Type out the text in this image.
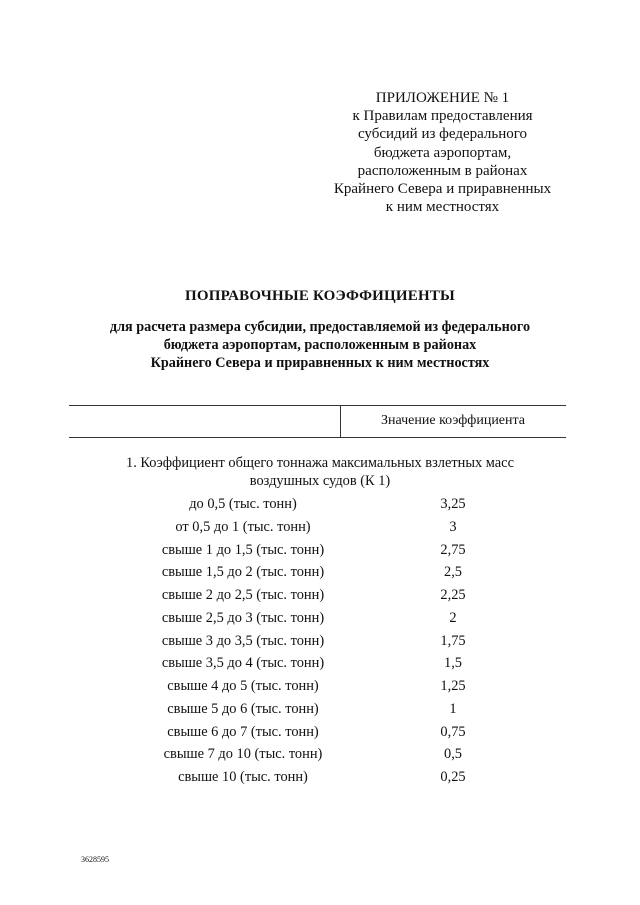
ПРИЛОЖЕНИЕ № 1
к Правилам предоставления
субсидий из федерального
бюджета аэропортам,
расположенным в районах
Крайнего Севера и приравненных
к ним местностях
ПОПРАВОЧНЫЕ КОЭФФИЦИЕНТЫ
для расчета размера субсидии, предоставляемой из федерального
бюджета аэропортам, расположенным в районах
Крайнего Севера и приравненных к ним местностях
Значение коэффициента
1. Коэффициент общего тоннажа максимальных взлетных масс
воздушных судов (К 1)
до 0,5 (тыс. тонн)	3,25
от 0,5 до 1 (тыс. тонн)	3
свыше 1 до 1,5 (тыс. тонн)	2,75
свыше 1,5 до 2 (тыс. тонн)	2,5
свыше 2 до 2,5 (тыс. тонн)	2,25
свыше 2,5 до 3 (тыс. тонн)	2
свыше 3 до 3,5 (тыс. тонн)	1,75
свыше 3,5 до 4 (тыс. тонн)	1,5
свыше 4 до 5 (тыс. тонн)	1,25
свыше 5 до 6 (тыс. тонн)	1
свыше 6 до 7 (тыс. тонн)	0,75
свыше 7 до 10 (тыс. тонн)	0,5
свыше 10 (тыс. тонн)	0,25
3628595
